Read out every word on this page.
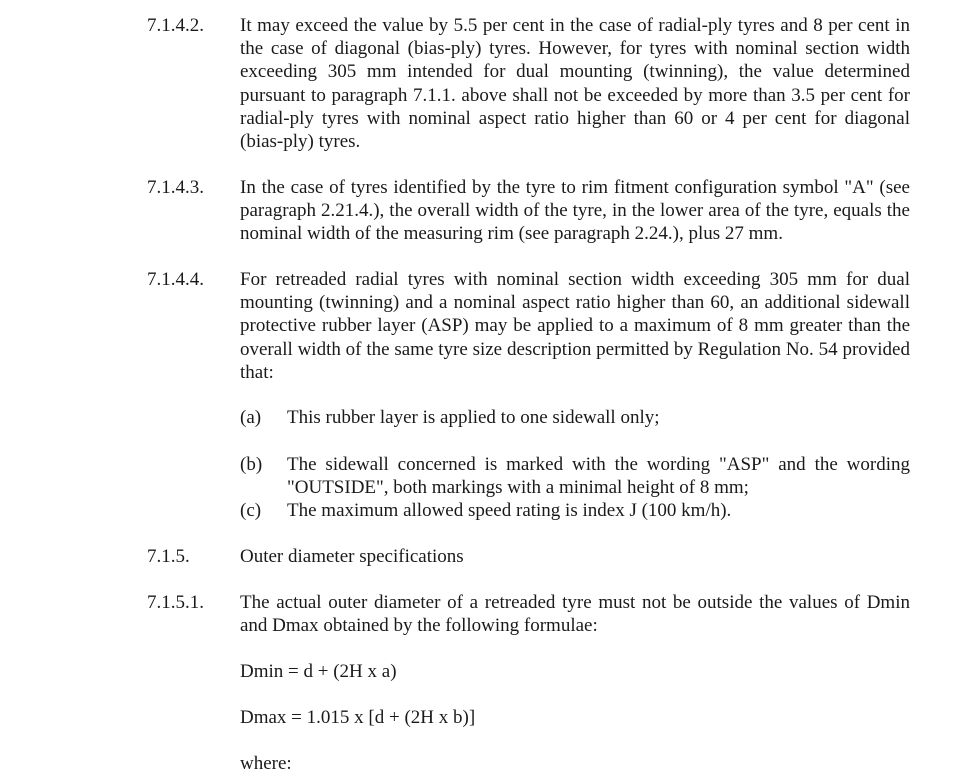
7.1.4.2.	It may exceed the value by 5.5 per cent in the case of radial-ply tyres and 8 per cent in the case of diagonal (bias-ply) tyres. However, for tyres with nominal section width exceeding 305 mm intended for dual mounting (twinning), the value determined pursuant to paragraph 7.1.1. above shall not be exceeded by more than 3.5 per cent for radial-ply tyres with nominal aspect ratio higher than 60 or 4 per cent for diagonal (bias-ply) tyres.
7.1.4.3.	In the case of tyres identified by the tyre to rim fitment configuration symbol "A" (see paragraph 2.21.4.), the overall width of the tyre, in the lower area of the tyre, equals the nominal width of the measuring rim (see paragraph 2.24.), plus 27 mm.
7.1.4.4.	For retreaded radial tyres with nominal section width exceeding 305 mm for dual mounting (twinning) and a nominal aspect ratio higher than 60, an additional sidewall protective rubber layer (ASP) may be applied to a maximum of 8 mm greater than the overall width of the same tyre size description permitted by Regulation No. 54 provided that:
(a)	This rubber layer is applied to one sidewall only;
(b)	The sidewall concerned is marked with the wording "ASP" and the wording "OUTSIDE", both markings with a minimal height of 8 mm;
(c)	The maximum allowed speed rating is index J (100 km/h).
7.1.5.	Outer diameter specifications
7.1.5.1.	The actual outer diameter of a retreaded tyre must not be outside the values of Dmin and Dmax obtained by the following formulae:
Dmin = d + (2H x a)
Dmax = 1.015 x [d + (2H x b)]
where:
